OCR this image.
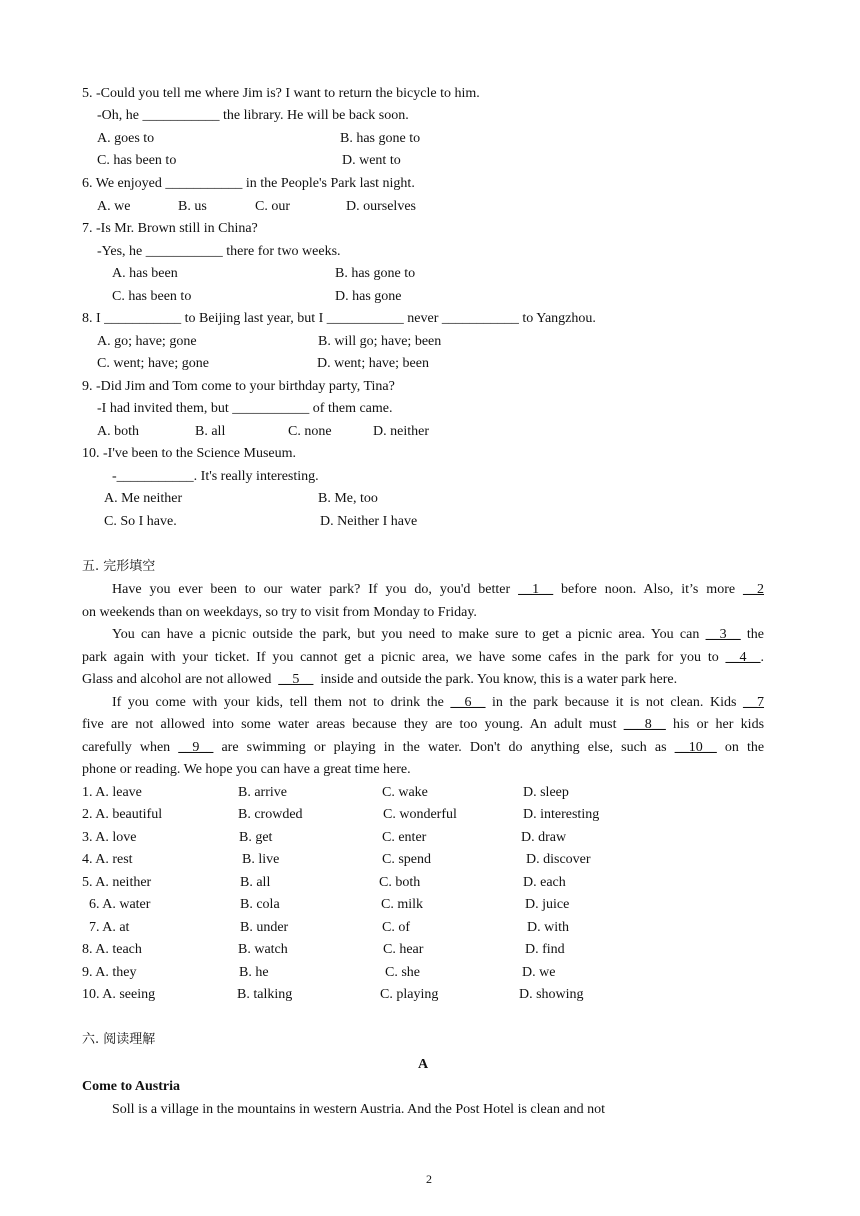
5. -Could you tell me where Jim is? I want to return the bicycle to him.
-Oh, he ___________ the library. He will be back soon.
A. goes to	B. has gone to
C. has been to	D. went to
6. We enjoyed ___________ in the People's Park last night.
A. we	B. us	C. our	D. ourselves
7. -Is Mr. Brown still in China?
-Yes, he ___________ there for two weeks.
A. has been	B. has gone to
C. has been to	D. has gone
8. I ___________ to Beijing last year, but I ___________ never ___________ to Yangzhou.
A. go; have; gone	B. will go; have; been
C. went; have; gone	D. went; have; been
9. -Did Jim and Tom come to your birthday party, Tina?
-I had invited them, but ___________ of them came.
A. both	B. all	C. none	D. neither
10. -I've been to the Science Museum.
-___________. It's really interesting.
A. Me neither	B. Me, too
C. So I have.	D. Neither I have
五. 完形填空
Have you ever been to our water park? If you do, you'd better __1__ before noon. Also, it’s more __2
on weekends than on weekdays, so try to visit from Monday to Friday.
You can have a picnic outside the park, but you need to make sure to get a picnic area. You can __3__ the
park again with your ticket. If you cannot get a picnic area, we have some cafes in the park for you to __4__.
Glass and alcohol are not allowed __5__ inside and outside the park. You know, this is a water park here.
If you come with your kids, tell them not to drink the __6__ in the park because it is not clean. Kids __7
five are not allowed into some water areas because they are too young. An adult must ___8__ his or her kids
carefully when __9__ are swimming or playing in the water. Don't do anything else, such as __10__ on the
phone or reading. We hope you can have a great time here.
1. A. leave	B. arrive	C. wake	D. sleep
2. A. beautiful	B. crowded	C. wonderful	D. interesting
3. A. love	B. get	C. enter	D. draw
4. A. rest	B. live	C. spend	D. discover
5. A. neither	B. all	C. both	D. each
6. A. water	B. cola	C. milk	D. juice
7. A. at	B. under	C. of	D. with
8. A. teach	B. watch	C. hear	D. find
9. A. they	B. he	C. she	D. we
10. A. seeing	B. talking	C. playing	D. showing
六. 阅读理解
A
Come to Austria
Soll is a village in the mountains in western Austria. And the Post Hotel is clean and not
2
